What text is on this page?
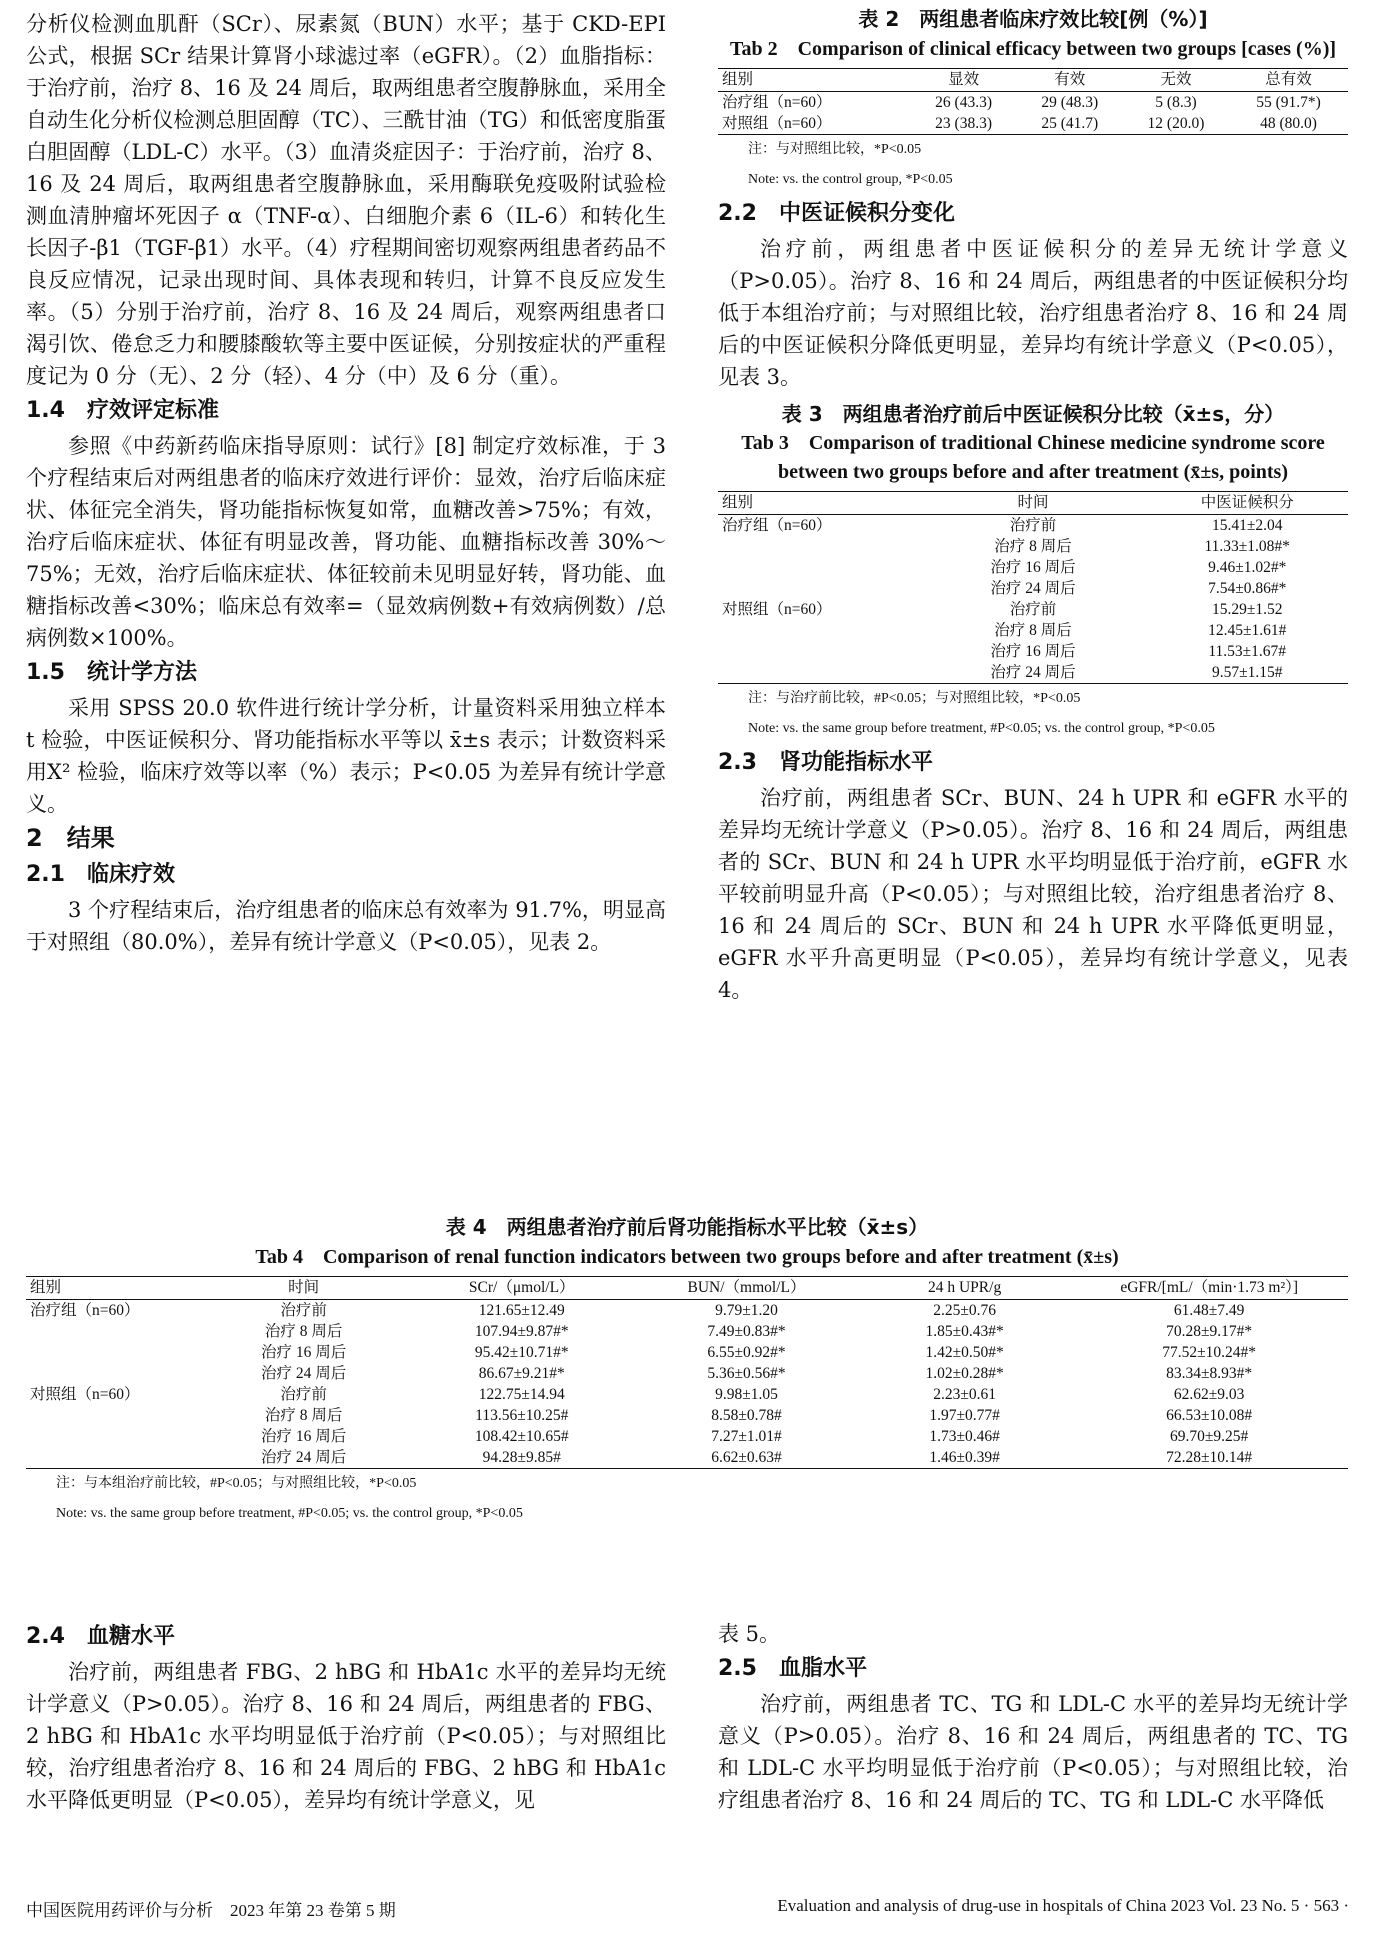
分析仪检测血肌酐（SCr）、尿素氮（BUN）水平；基于 CKD-EPI 公式，根据 SCr 结果计算肾小球滤过率（eGFR）。（2）血脂指标：于治疗前，治疗 8、16 及 24 周后，取两组患者空腹静脉血，采用全自动生化分析仪检测总胆固醇（TC）、三酰甘油（TG）和低密度脂蛋白胆固醇（LDL-C）水平。（3）血清炎症因子：于治疗前，治疗 8、16 及 24 周后，取两组患者空腹静脉血，采用酶联免疫吸附试验检测血清肿瘤坏死因子 α（TNF-α）、白细胞介素 6（IL-6）和转化生长因子-β1（TGF-β1）水平。（4）疗程期间密切观察两组患者药品不良反应情况，记录出现时间、具体表现和转归，计算不良反应发生率。（5）分别于治疗前，治疗 8、16 及 24 周后，观察两组患者口渴引饮、倦怠乏力和腰膝酸软等主要中医证候，分别按症状的严重程度记为 0 分（无）、2 分（轻）、4 分（中）及 6 分（重）。

1.4　疗效评定标准

参照《中药新药临床指导原则：试行》[8] 制定疗效标准，于 3 个疗程结束后对两组患者的临床疗效进行评价：显效，治疗后临床症状、体征完全消失，肾功能指标恢复如常，血糖改善>75%；有效，治疗后临床症状、体征有明显改善，肾功能、血糖指标改善 30%～75%；无效，治疗后临床症状、体征较前未见明显好转，肾功能、血糖指标改善<30%；临床总有效率=（显效病例数+有效病例数）/总病例数×100%。

1.5　统计学方法

采用 SPSS 20.0 软件进行统计学分析，计量资料采用独立样本 t 检验，中医证候积分、肾功能指标水平等以 x̄±s 表示；计数资料采用X² 检验，临床疗效等以率（%）表示；P<0.05 为差异有统计学意义。

2　结果

2.1　临床疗效

3 个疗程结束后，治疗组患者的临床总有效率为 91.7%，明显高于对照组（80.0%），差异有统计学意义（P<0.05），见表 2。

表 2　两组患者临床疗效比较[例（%）]

Tab 2　Comparison of clinical efficacy between two groups [cases (%)]

组别	显效	有效	无效	总有效
治疗组（n=60）	26 (43.3)	29 (48.3)	5 (8.3)	55 (91.7*)
对照组（n=60）	23 (38.3)	25 (41.7)	12 (20.0)	48 (80.0)

注：与对照组比较，*P<0.05

Note: vs. the control group, *P<0.05

2.2　中医证候积分变化

治疗前，两组患者中医证候积分的差异无统计学意义（P>0.05）。治疗 8、16 和 24 周后，两组患者的中医证候积分均低于本组治疗前；与对照组比较，治疗组患者治疗 8、16 和 24 周后的中医证候积分降低更明显，差异均有统计学意义（P<0.05），见表 3。

表 3　两组患者治疗前后中医证候积分比较（x̄±s，分）

Tab 3　Comparison of traditional Chinese medicine syndrome score between two groups before and after treatment (x̄±s, points)

组别	时间	中医证候积分
治疗组（n=60）	治疗前	15.41±2.04
	治疗 8 周后	11.33±1.08#*
	治疗 16 周后	9.46±1.02#*
	治疗 24 周后	7.54±0.86#*
对照组（n=60）	治疗前	15.29±1.52
	治疗 8 周后	12.45±1.61#
	治疗 16 周后	11.53±1.67#
	治疗 24 周后	9.57±1.15#

注：与治疗前比较，#P<0.05；与对照组比较，*P<0.05

Note: vs. the same group before treatment, #P<0.05; vs. the control group, *P<0.05

2.3　肾功能指标水平

治疗前，两组患者 SCr、BUN、24 h UPR 和 eGFR 水平的差异均无统计学意义（P>0.05）。治疗 8、16 和 24 周后，两组患者的 SCr、BUN 和 24 h UPR 水平均明显低于治疗前，eGFR 水平较前明显升高（P<0.05）；与对照组比较，治疗组患者治疗 8、16 和 24 周后的 SCr、BUN 和 24 h UPR 水平降低更明显，eGFR 水平升高更明显（P<0.05），差异均有统计学意义，见表 4。

表 4　两组患者治疗前后肾功能指标水平比较（x̄±s）

Tab 4　Comparison of renal function indicators between two groups before and after treatment (x̄±s)

组别	时间	SCr/（μmol/L）	BUN/（mmol/L）	24 h UPR/g	eGFR/[mL/（min·1.73 m²）]
治疗组（n=60）	治疗前	121.65±12.49	9.79±1.20	2.25±0.76	61.48±7.49
	治疗 8 周后	107.94±9.87#*	7.49±0.83#*	1.85±0.43#*	70.28±9.17#*
	治疗 16 周后	95.42±10.71#*	6.55±0.92#*	1.42±0.50#*	77.52±10.24#*
	治疗 24 周后	86.67±9.21#*	5.36±0.56#*	1.02±0.28#*	83.34±8.93#*
对照组（n=60）	治疗前	122.75±14.94	9.98±1.05	2.23±0.61	62.62±9.03
	治疗 8 周后	113.56±10.25#	8.58±0.78#	1.97±0.77#	66.53±10.08#
	治疗 16 周后	108.42±10.65#	7.27±1.01#	1.73±0.46#	69.70±9.25#
	治疗 24 周后	94.28±9.85#	6.62±0.63#	1.46±0.39#	72.28±10.14#

注：与本组治疗前比较，#P<0.05；与对照组比较，*P<0.05

Note: vs. the same group before treatment, #P<0.05; vs. the control group, *P<0.05

2.4　血糖水平

治疗前，两组患者 FBG、2 hBG 和 HbA1c 水平的差异均无统计学意义（P>0.05）。治疗 8、16 和 24 周后，两组患者的 FBG、2 hBG 和 HbA1c 水平均明显低于治疗前（P<0.05）；与对照组比较，治疗组患者治疗 8、16 和 24 周后的 FBG、2 hBG 和 HbA1c 水平降低更明显（P<0.05），差异均有统计学意义，见

表 5。

2.5　血脂水平

治疗前，两组患者 TC、TG 和 LDL-C 水平的差异均无统计学意义（P>0.05）。治疗 8、16 和 24 周后，两组患者的 TC、TG 和 LDL-C 水平均明显低于治疗前（P<0.05）；与对照组比较，治疗组患者治疗 8、16 和 24 周后的 TC、TG 和 LDL-C 水平降低

中国医院用药评价与分析　2023 年第 23 卷第 5 期	Evaluation and analysis of drug-use in hospitals of China 2023 Vol. 23 No. 5 · 563 ·
